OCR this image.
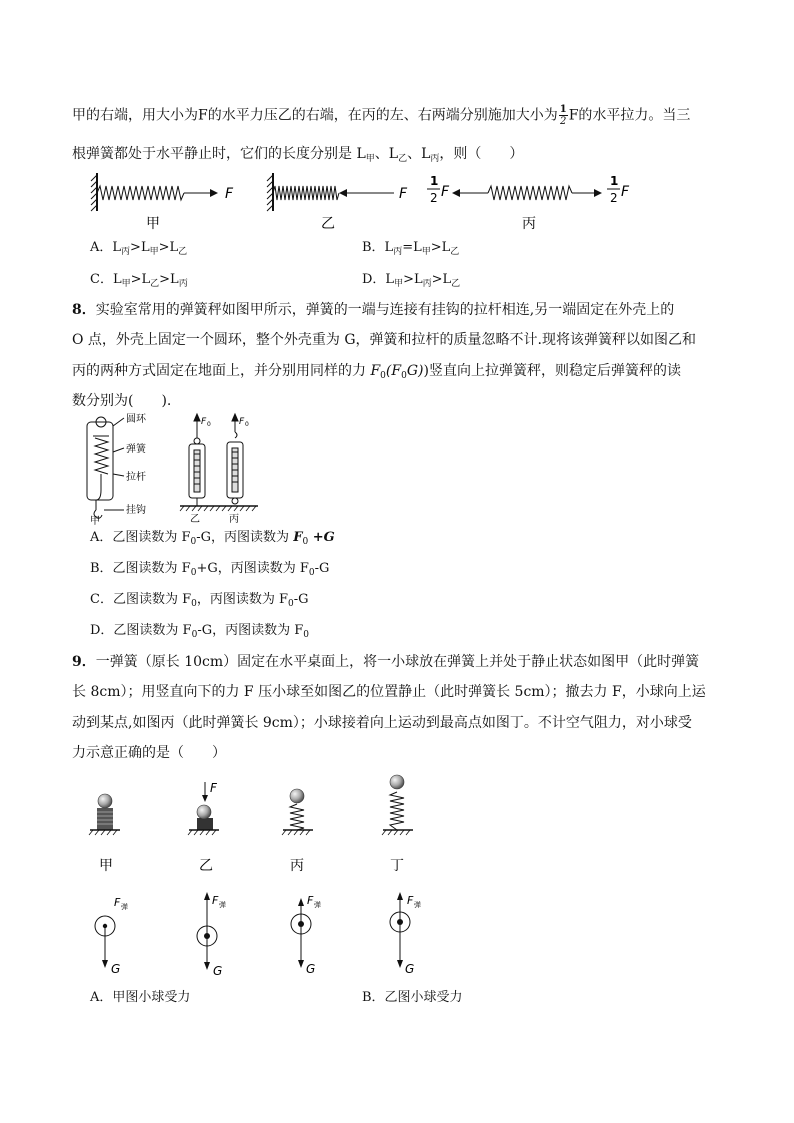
甲的右端，用大小为F的水平力压乙的右端，在丙的左、右两端分别施加大小为 $\frac{1}{2}$ F的水平拉力。当三
根弹簧都处于水平静止时，它们的长度分别是 $L_甲$、$L_乙$、$L_丙$，则（　　）
F
甲
F
乙
1
2 F
1
2 F
丙
A．$L_丙>L_甲>L_乙$	B．$L_丙=L_甲>L_乙$
C．$L_甲>L_乙>L_丙$	D．$L_甲>L_丙>L_乙$
8．实验室常用的弹簧秤如图甲所示，弹簧的一端与连接有挂钩的拉杆相连,另一端固定在外壳上的
O 点，外壳上固定一个圆环，整个外壳重为 G，弹簧和拉杆的质量忽略不计.现将该弹簧秤以如图乙和
丙的两种方式固定在地面上，并分别用同样的力 $F_0(F_0G)$)竖直向上拉弹簧秤，则稳定后弹簧秤的读
数分别为(　　).
圆环
弹簧
拉杆
挂钩
甲
F 0
乙
F 0
丙
A．乙图读数为 $F_0-G$，丙图读数为 $F_0 +G$
B．乙图读数为 $F_0+G$，丙图读数为 $F_0-G$
C．乙图读数为 $F_0$，丙图读数为 $F_0-G$
D．乙图读数为 $F_0-G$，丙图读数为 $F_0$
9．一弹簧（原长 10cm）固定在水平桌面上，将一小球放在弹簧上并处于静止状态如图甲（此时弹簧
长 8cm）；用竖直向下的力 F 压小球至如图乙的位置静止（此时弹簧长 5cm）；撤去力 F，小球向上运
动到某点,如图丙（此时弹簧长 9cm）；小球接着向上运动到最高点如图丁。不计空气阻力，对小球受
力示意正确的是（　　）
甲
F
乙	丙	丁
F 弹
G
F 弹
G
F 弹
G
F 弹
G
A．甲图小球受力	B．乙图小球受力
